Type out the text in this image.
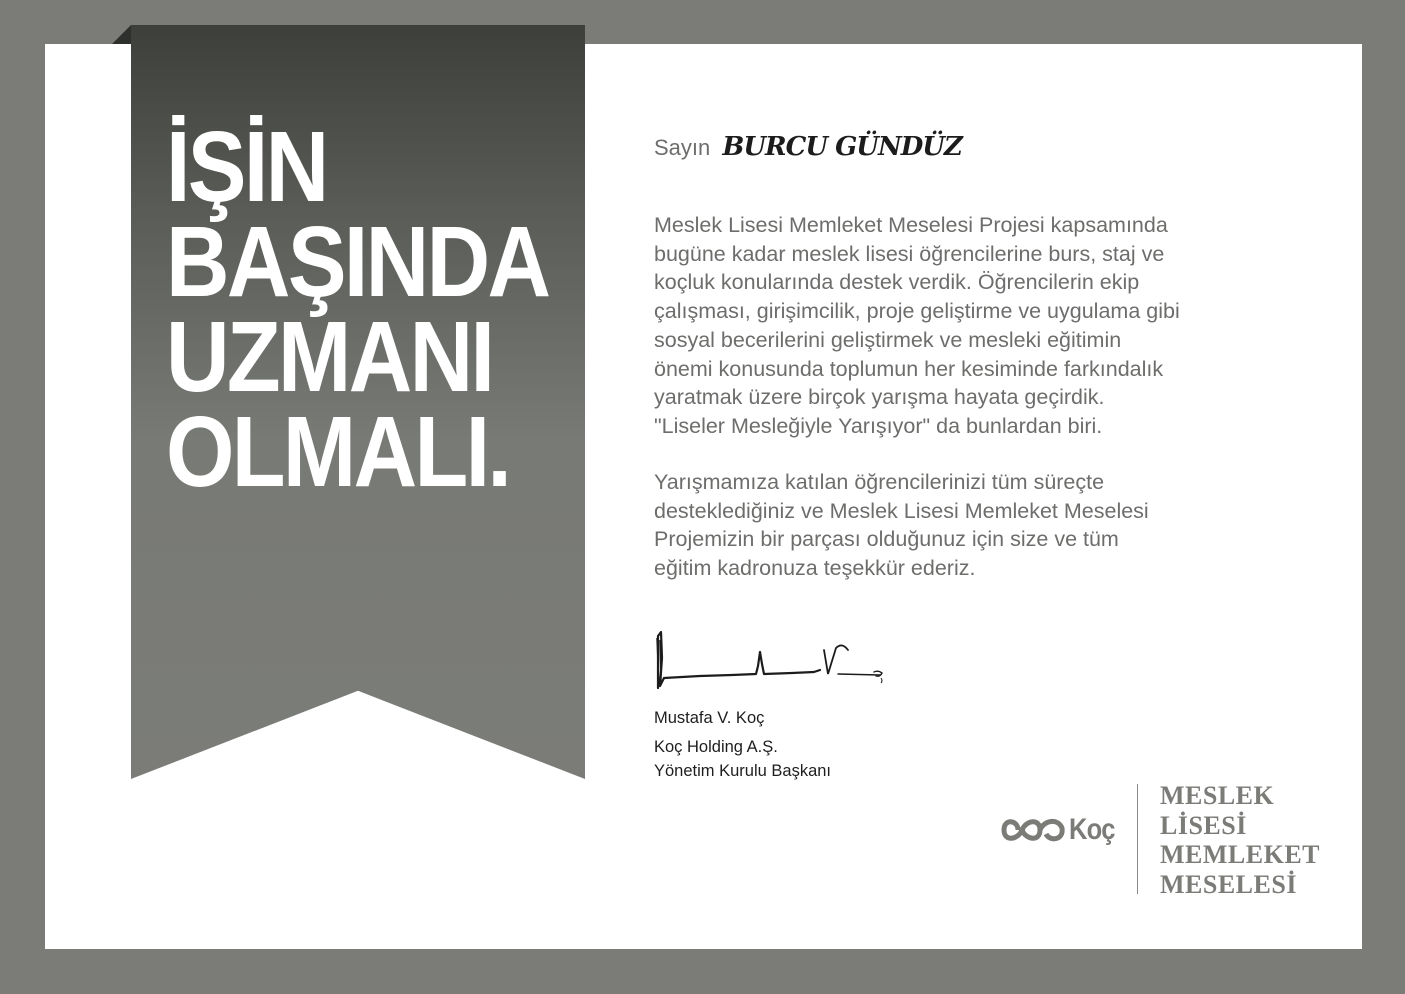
İŞİN
BAŞINDA
UZMANI
OLMALI.
Sayın BURCU GÜNDÜZ

Meslek Lisesi Memleket Meselesi Projesi kapsamında
bugüne kadar meslek lisesi öğrencilerine burs, staj ve
koçluk konularında destek verdik. Öğrencilerin ekip
çalışması, girişimcilik, proje geliştirme ve uygulama gibi
sosyal becerilerini geliştirmek ve mesleki eğitimin
önemi konusunda toplumun her kesiminde farkındalık
yaratmak üzere birçok yarışma hayata geçirdik.
"Liseler Mesleğiyle Yarışıyor" da bunlardan biri.

Yarışmamıza katılan öğrencilerinizi tüm süreçte
desteklediğiniz ve Meslek Lisesi Memleket Meselesi
Projemizin bir parçası olduğunuz için size ve tüm
eğitim kadronuza teşekkür ederiz.

Mustafa V. Koç
Koç Holding A.Ş.
Yönetim Kurulu Başkanı
Koç
MESLEK
LİSESİ
MEMLEKET
MESELESİ
